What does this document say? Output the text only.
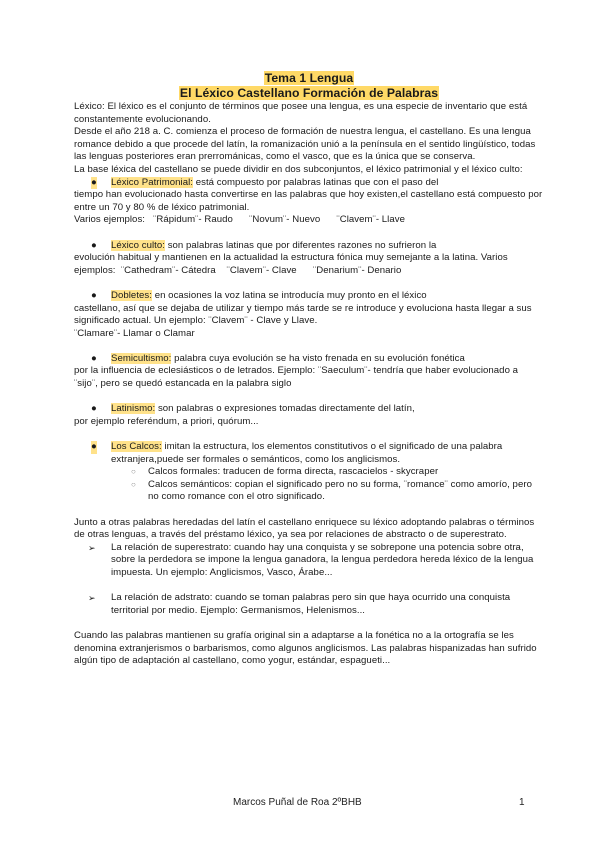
Tema 1 Lengua
El Léxico Castellano Formación de Palabras

Léxico: El léxico es el conjunto de términos que posee una lengua, es una especie de inventario que está constantemente evolucionando.

Desde el año 218 a. C. comienza el proceso de formación de nuestra lengua, el castellano. Es una lengua romance debido a que procede del latín, la romanización unió a la península en el sentido lingüístico, todas las lenguas posteriores eran prerrománicas, como el vasco, que es la única que se conserva.

La base léxica del castellano se puede dividir en dos subconjuntos, el léxico patrimonial y el léxico culto:

● Léxico Patrimonial: está compuesto por palabras latinas que con el paso del

tiempo han evolucionado hasta convertirse en las palabras que hoy existen,el castellano está compuesto por entre un 70 y 80 % de léxico patrimonial.

Varios ejemplos:   ¨Rápidum¨- Raudo      ¨Novum¨- Nuevo      ¨Clavem¨- Llave

● Léxico culto: son palabras latinas que por diferentes razones no sufrieron la

evolución habitual y mantienen en la actualidad la estructura fónica muy semejante a la latina. Varios ejemplos:  ¨Cathedram¨- Cátedra    ¨Clavem¨- Clave      ¨Denarium¨- Denario

● Dobletes: en ocasiones la voz latina se introducía muy pronto en el léxico

castellano, así que se dejaba de utilizar y tiempo más tarde se re introduce y evoluciona hasta llegar a sus significado actual. Un ejemplo: ¨Clavem¨ - Clave y Llave.

¨Clamare¨- Llamar o Clamar

● Semicultismo: palabra cuya evolución se ha visto frenada en su evolución fonética

por la influencia de eclesiásticos o de letrados. Ejemplo: ¨Saeculum¨- tendría que haber evolucionado a ¨sijo¨, pero se quedó estancada en la palabra siglo

● Latinismo: son palabras o expresiones tomadas directamente del latín,

por ejemplo referéndum, a priori, quórum...

● Los Calcos: imitan la estructura, los elementos constitutivos o el significado de una palabra extranjera,puede ser formales o semánticos, como los anglicismos.
○ Calcos formales: traducen de forma directa, rascacielos - skycraper
○ Calcos semánticos: copian el significado pero no su forma, ¨romance¨ como amorío, pero no como romance con el otro significado.

Junto a otras palabras heredadas del latín el castellano enriquece su léxico adoptando palabras o términos de otras lenguas, a través del préstamo léxico, ya sea por relaciones de abstracto o de superestrato.

➢ La relación de superestrato: cuando hay una conquista y se sobrepone una potencia sobre otra, sobre la perdedora se impone la lengua ganadora, la lengua perdedora hereda léxico de la lengua impuesta. Un ejemplo: Anglicismos, Vasco, Árabe...
➢ La relación de adstrato: cuando se toman palabras pero sin que haya ocurrido una conquista territorial por medio. Ejemplo: Germanismos, Helenismos...

Cuando las palabras mantienen su grafía original sin a adaptarse a la fonética no a la ortografía se les denomina extranjerismos o barbarismos, como algunos anglicismos. Las palabras hispanizadas han sufrido algún tipo de adaptación al castellano, como yogur, estándar, espagueti...

Marcos Puñal de Roa 2ºBHB	1
